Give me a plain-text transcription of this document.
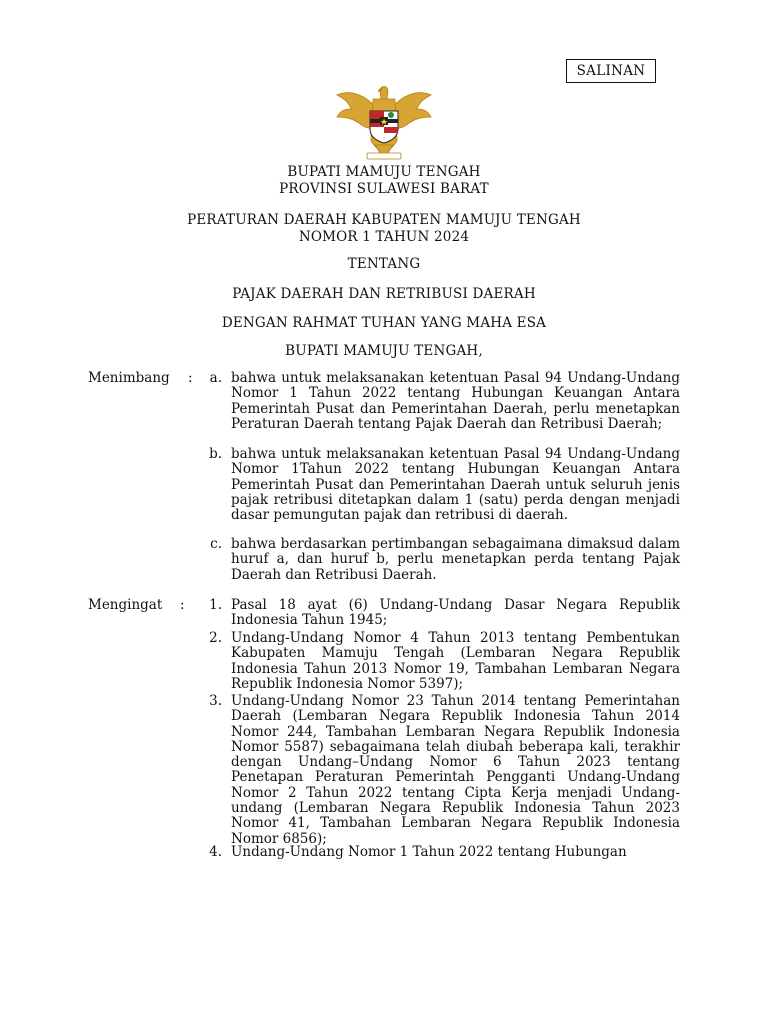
SALINAN
BUPATI MAMUJU TENGAH
PROVINSI SULAWESI BARAT
PERATURAN DAERAH KABUPATEN MAMUJU TENGAH
NOMOR 1 TAHUN 2024
TENTANG
PAJAK DAERAH DAN RETRIBUSI DAERAH
DENGAN RAHMAT TUHAN YANG MAHA ESA
BUPATI MAMUJU TENGAH,
Menimbang :	a. bahwa untuk melaksanakan ketentuan Pasal 94 Undang-Undang Nomor 1 Tahun 2022 tentang Hubungan Keuangan Antara Pemerintah Pusat dan Pemerintahan Daerah, perlu menetapkan Peraturan Daerah tentang Pajak Daerah dan Retribusi Daerah;
b. bahwa untuk melaksanakan ketentuan Pasal 94 Undang-Undang Nomor 1Tahun 2022 tentang Hubungan Keuangan Antara Pemerintah Pusat dan Pemerintahan Daerah untuk seluruh jenis pajak retribusi ditetapkan dalam 1 (satu) perda dengan menjadi dasar pemungutan pajak dan retribusi di daerah.
c. bahwa berdasarkan pertimbangan sebagaimana dimaksud dalam huruf a, dan huruf b, perlu menetapkan perda tentang Pajak Daerah dan Retribusi Daerah.
Mengingat :	1. Pasal 18 ayat (6) Undang-Undang Dasar Negara Republik Indonesia Tahun 1945;
2. Undang-Undang Nomor 4 Tahun 2013 tentang Pembentukan Kabupaten Mamuju Tengah (Lembaran Negara Republik Indonesia Tahun 2013 Nomor 19, Tambahan Lembaran Negara Republik Indonesia Nomor 5397);
3. Undang-Undang Nomor 23 Tahun 2014 tentang Pemerintahan Daerah (Lembaran Negara Republik Indonesia Tahun 2014 Nomor 244, Tambahan Lembaran Negara Republik Indonesia Nomor 5587) sebagaimana telah diubah beberapa kali, terakhir dengan Undang–Undang Nomor 6 Tahun 2023 tentang Penetapan Peraturan Pemerintah Pengganti Undang-Undang Nomor 2 Tahun 2022 tentang Cipta Kerja menjadi Undang-undang (Lembaran Negara Republik Indonesia Tahun 2023 Nomor 41, Tambahan Lembaran Negara Republik Indonesia Nomor 6856);
4. Undang-Undang Nomor 1 Tahun 2022 tentang Hubungan
